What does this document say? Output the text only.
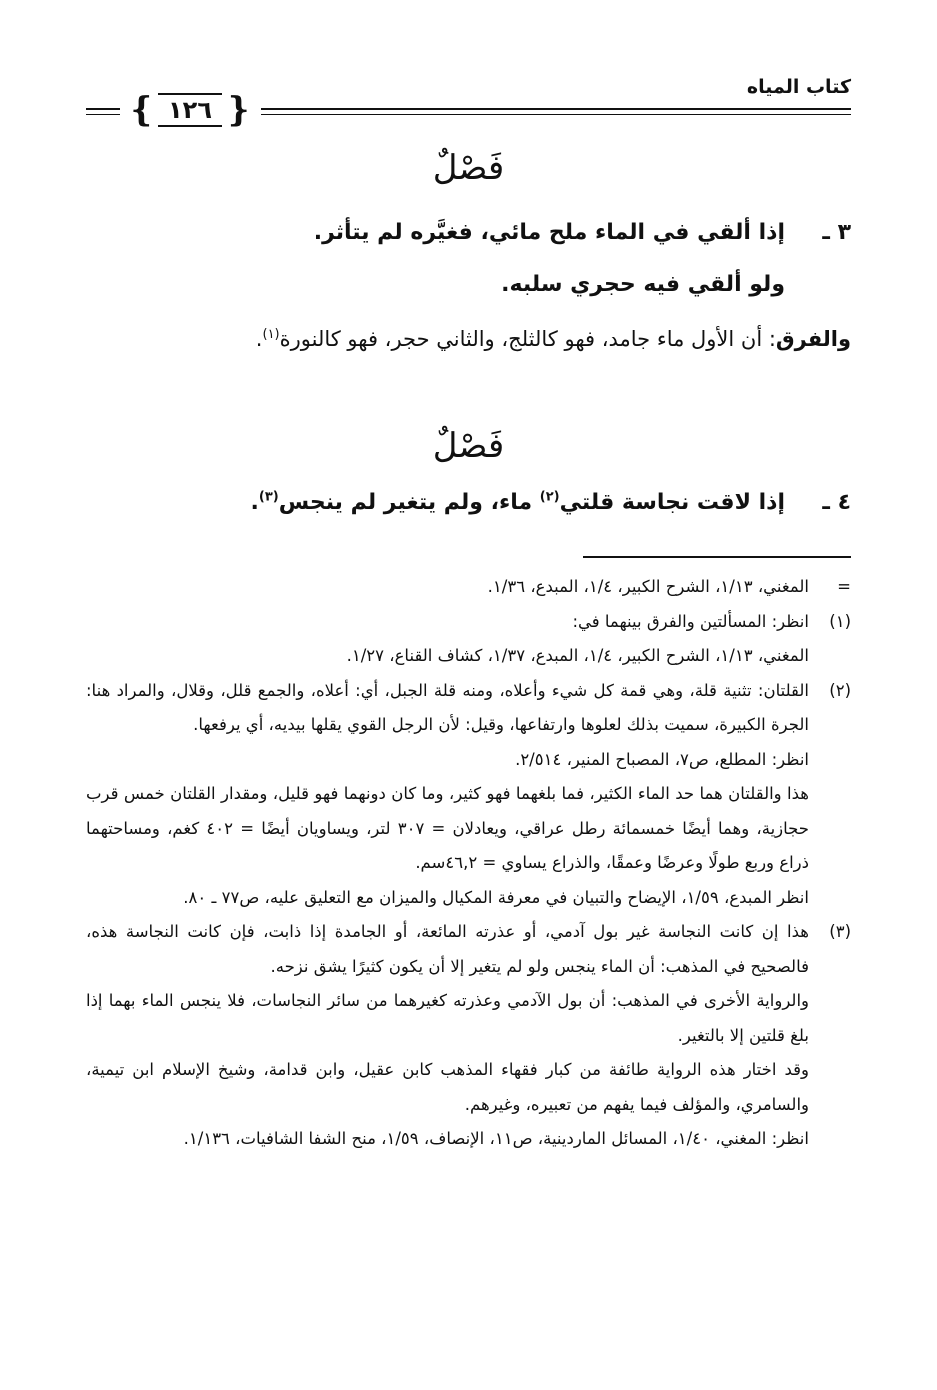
كتاب المياه
❴
١٢٦
❵
فَصْلٌ
٣ ـ
إذا ألقي في الماء ملح مائي، فغيَّره لم يتأثر.
ولو ألقي فيه حجري سلبه.
والفرق: أن الأول ماء جامد، فهو كالثلج، والثاني حجر، فهو كالنورة$^{(١)}$.
فَصْلٌ
٤ ـ
إذا لاقت نجاسة قلتي$^{(٢)}$ ماء، ولم يتغير لم ينجس$^{(٣)}$.
=

المغني، ١/١٣، الشرح الكبير، ١/٤، المبدع، ١/٣٦.

(١)

انظر: المسألتين والفرق بينهما في:

المغني، ١/١٣، الشرح الكبير، ١/٤، المبدع، ١/٣٧، كشاف القناع، ١/٢٧.

(٢)

القلتان: تثنية قلة، وهي قمة كل شيء وأعلاه، ومنه قلة الجبل، أي: أعلاه، والجمع قلل، وقلال، والمراد هنا: الجرة الكبيرة، سميت بذلك لعلوها وارتفاعها، وقيل: لأن الرجل القوي يقلها بيديه، أي يرفعها.

انظر: المطلع، ص٧، المصباح المنير، ٢/٥١٤.

هذا والقلتان هما حد الماء الكثير، فما بلغهما فهو كثير، وما كان دونهما فهو قليل، ومقدار القلتان خمس قرب حجازية، وهما أيضًا خمسمائة رطل عراقي، ويعادلان = ٣٠٧ لتر، ويساويان أيضًا = ٤٠٢ كغم، ومساحتهما ذراع وربع طولًا وعرضًا وعمقًا، والذراع يساوي = ٤٦,٢سم.

انظر المبدع، ١/٥٩، الإيضاح والتبيان في معرفة المكيال والميزان مع التعليق عليه، ص٧٧ ـ ٨٠.

(٣)

هذا إن كانت النجاسة غير بول آدمي، أو عذرته المائعة، أو الجامدة إذا ذابت، فإن كانت النجاسة هذه، فالصحيح في المذهب: أن الماء ينجس ولو لم يتغير إلا أن يكون كثيرًا يشق نزحه.

والرواية الأخرى في المذهب: أن بول الآدمي وعذرته كغيرهما من سائر النجاسات، فلا ينجس الماء بهما إذا بلغ قلتين إلا بالتغير.

وقد اختار هذه الرواية طائفة من كبار فقهاء المذهب كابن عقيل، وابن قدامة، وشيخ الإسلام ابن تيمية، والسامري، والمؤلف فيما يفهم من تعبيره، وغيرهم.

انظر: المغني، ١/٤٠، المسائل الماردينية، ص١١، الإنصاف، ١/٥٩، منح الشفا الشافيات، ١/١٣٦.
